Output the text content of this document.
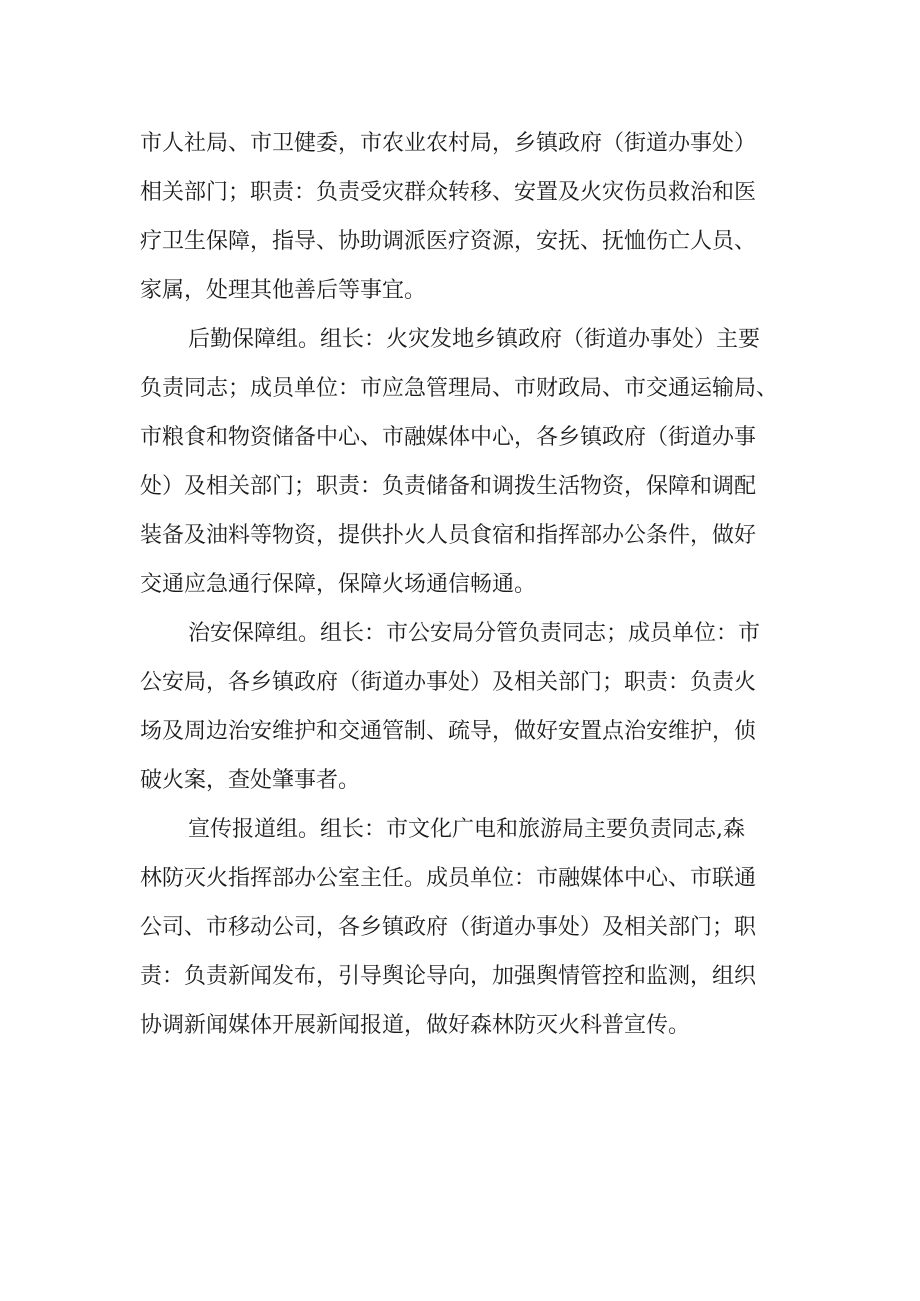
市人社局、市卫健委，市农业农村局，乡镇政府（街道办事处）
相关部门；职责：负责受灾群众转移、安置及火灾伤员救治和医
疗卫生保障，指导、协助调派医疗资源，安抚、抚恤伤亡人员、
家属，处理其他善后等事宜。
后勤保障组。组长：火灾发地乡镇政府（街道办事处）主要
负责同志；成员单位：市应急管理局、市财政局、市交通运输局、
市粮食和物资储备中心、市融媒体中心，各乡镇政府（街道办事
处）及相关部门；职责：负责储备和调拨生活物资，保障和调配
装备及油料等物资，提供扑火人员食宿和指挥部办公条件，做好
交通应急通行保障，保障火场通信畅通。
治安保障组。组长：市公安局分管负责同志；成员单位：市
公安局，各乡镇政府（街道办事处）及相关部门；职责：负责火
场及周边治安维护和交通管制、疏导，做好安置点治安维护，侦
破火案，查处肇事者。
宣传报道组。组长：市文化广电和旅游局主要负责同志,森
林防灭火指挥部办公室主任。成员单位：市融媒体中心、市联通
公司、市移动公司，各乡镇政府（街道办事处）及相关部门；职
责：负责新闻发布，引导舆论导向，加强舆情管控和监测，组织
协调新闻媒体开展新闻报道，做好森林防灭火科普宣传。
